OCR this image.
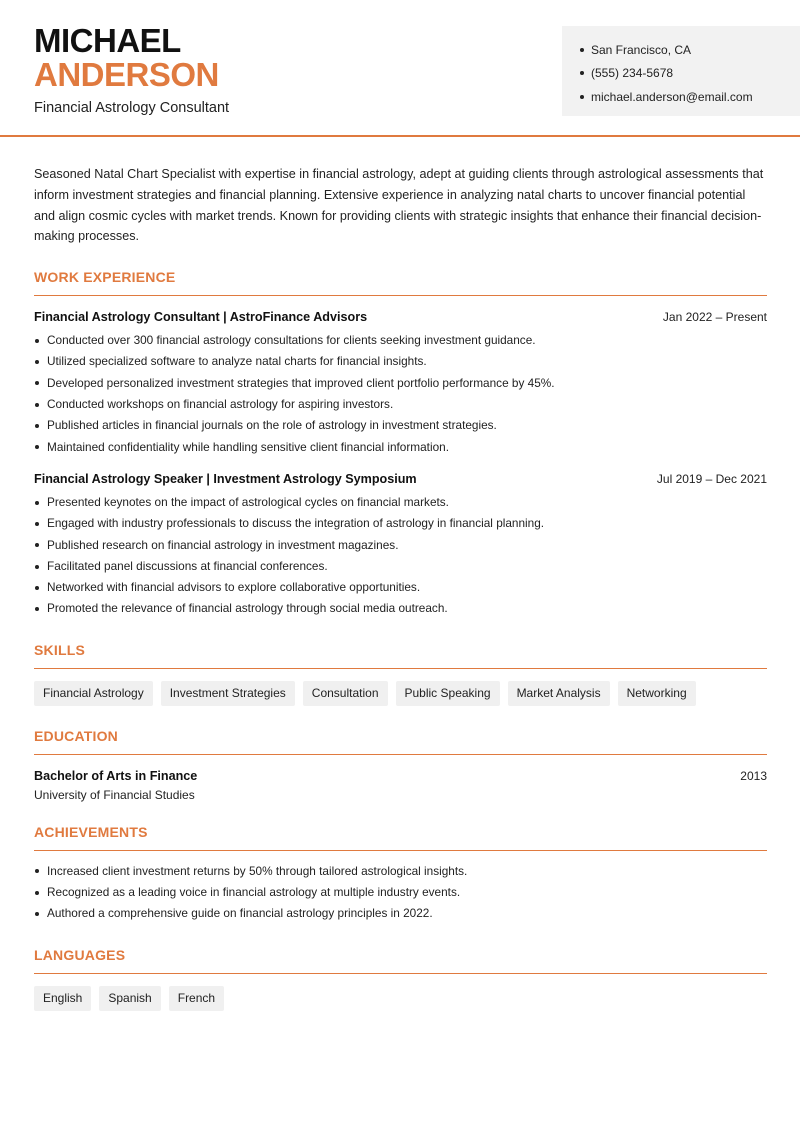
MICHAEL
ANDERSON
Financial Astrology Consultant
San Francisco, CA
(555) 234-5678
michael.anderson@email.com

Seasoned Natal Chart Specialist with expertise in financial astrology, adept at guiding clients through astrological assessments that inform investment strategies and financial planning. Extensive experience in analyzing natal charts to uncover financial potential and align cosmic cycles with market trends. Known for providing clients with strategic insights that enhance their financial decision-making processes.

WORK EXPERIENCE
Financial Astrology Consultant | AstroFinance Advisors	Jan 2022 – Present
Conducted over 300 financial astrology consultations for clients seeking investment guidance.
Utilized specialized software to analyze natal charts for financial insights.
Developed personalized investment strategies that improved client portfolio performance by 45%.
Conducted workshops on financial astrology for aspiring investors.
Published articles in financial journals on the role of astrology in investment strategies.
Maintained confidentiality while handling sensitive client financial information.
Financial Astrology Speaker | Investment Astrology Symposium	Jul 2019 – Dec 2021
Presented keynotes on the impact of astrological cycles on financial markets.
Engaged with industry professionals to discuss the integration of astrology in financial planning.
Published research on financial astrology in investment magazines.
Facilitated panel discussions at financial conferences.
Networked with financial advisors to explore collaborative opportunities.
Promoted the relevance of financial astrology through social media outreach.
SKILLS
Financial Astrology	Investment Strategies	Consultation	Public Speaking	Market Analysis	Networking
EDUCATION
Bachelor of Arts in Finance	2013
University of Financial Studies
ACHIEVEMENTS
Increased client investment returns by 50% through tailored astrological insights.
Recognized as a leading voice in financial astrology at multiple industry events.
Authored a comprehensive guide on financial astrology principles in 2022.
LANGUAGES
English	Spanish	French
